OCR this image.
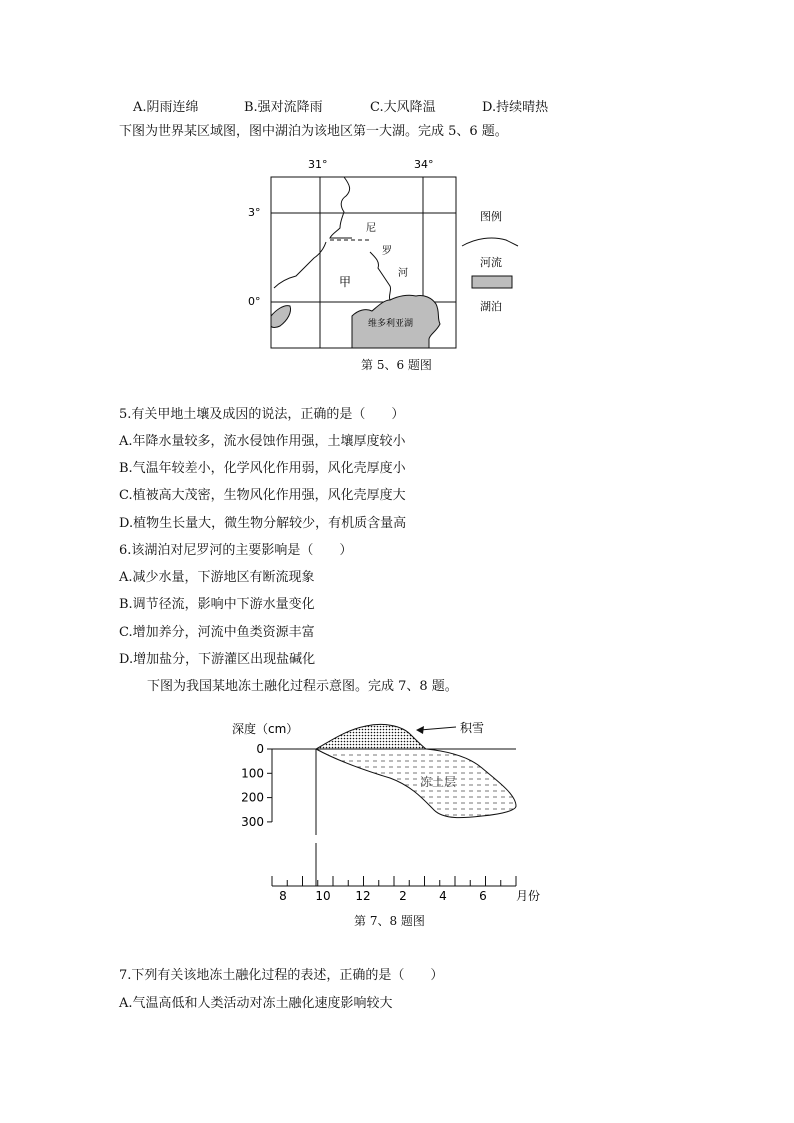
A.阴雨连绵	B.强对流降雨	C.大风降温	D.持续晴热
下图为世界某区域图，图中湖泊为该地区第一大湖。完成 5、6 题。
31°	34°
3°
0°
尼
罗
河
甲
维多利亚湖
图例
河流
湖泊
第 5、6 题图
5.有关甲地土壤及成因的说法，正确的是（　　）
A.年降水量较多，流水侵蚀作用强，土壤厚度较小
B.气温年较差小，化学风化作用弱，风化壳厚度小
C.植被高大茂密，生物风化作用强，风化壳厚度大
D.植物生长量大，微生物分解较少，有机质含量高
6.该湖泊对尼罗河的主要影响是（　　）
A.减少水量，下游地区有断流现象
B.调节径流，影响中下游水量变化
C.增加养分，河流中鱼类资源丰富
D.增加盐分，下游灌区出现盐碱化
下图为我国某地冻土融化过程示意图。完成 7、8 题。
深度（cm）
0
100
200
300
积雪
冻土层
8 10 12 2	4	6 月份
第 7、8 题图
7.下列有关该地冻土融化过程的表述，正确的是（　　）
A.气温高低和人类活动对冻土融化速度影响较大
